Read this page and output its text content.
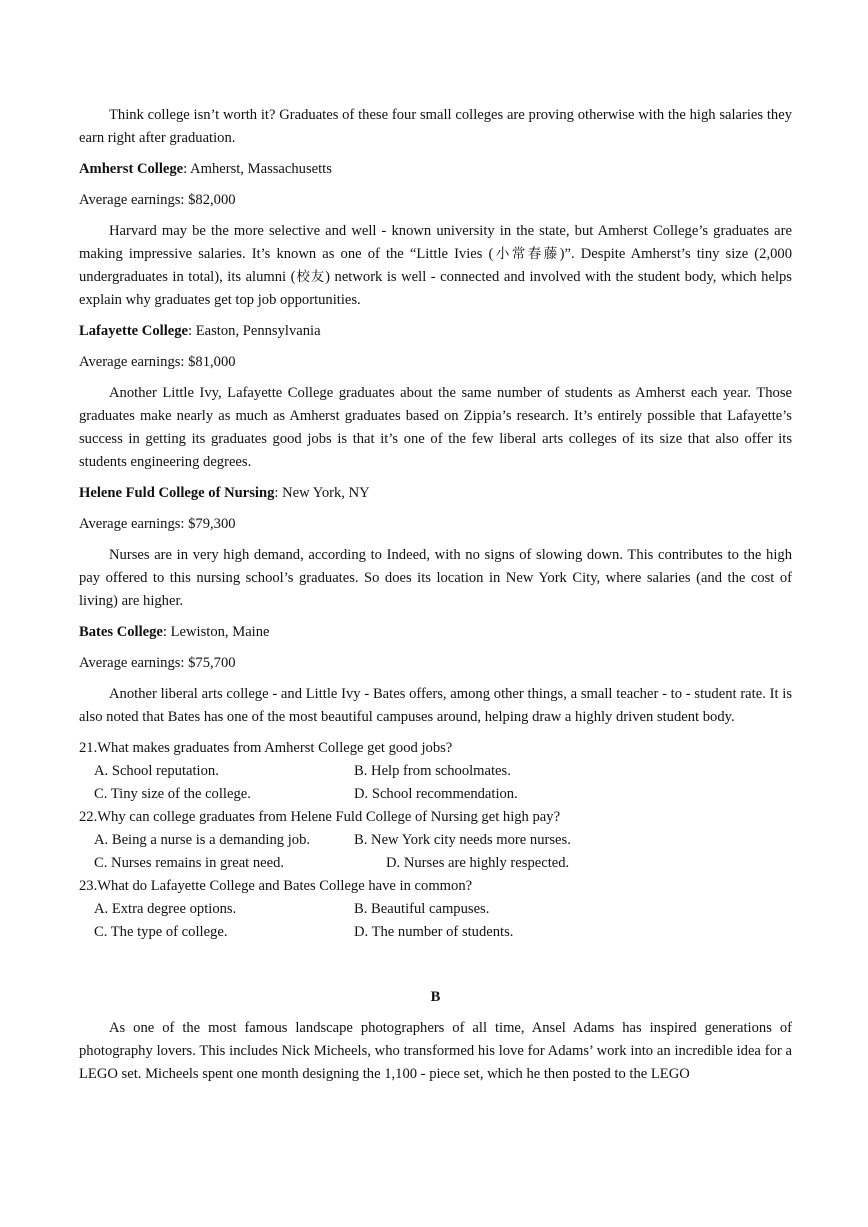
Think college isn’t worth it? Graduates of these four small colleges are proving otherwise with the high salaries they earn right after graduation.

Amherst College: Amherst, Massachusetts

Average earnings: $82,000

Harvard may be the more selective and well - known university in the state, but Amherst College’s graduates are making impressive salaries. It’s known as one of the “Little Ivies (小常春藤)”. Despite Amherst’s tiny size (2,000 undergraduates in total), its alumni (校友) network is well - connected and involved with the student body, which helps explain why graduates get top job opportunities.

Lafayette College: Easton, Pennsylvania

Average earnings: $81,000

Another Little Ivy, Lafayette College graduates about the same number of students as Amherst each year. Those graduates make nearly as much as Amherst graduates based on Zippia’s research. It’s entirely possible that Lafayette’s success in getting its graduates good jobs is that it’s one of the few liberal arts colleges of its size that also offer its students engineering degrees.

Helene Fuld College of Nursing: New York, NY

Average earnings: $79,300

Nurses are in very high demand, according to Indeed, with no signs of slowing down. This contributes to the high pay offered to this nursing school’s graduates. So does its location in New York City, where salaries (and the cost of living) are higher.

Bates College: Lewiston, Maine

Average earnings: $75,700

Another liberal arts college - and Little Ivy - Bates offers, among other things, a small teacher - to - student rate. It is also noted that Bates has one of the most beautiful campuses around, helping draw a highly driven student body.

21.What makes graduates from Amherst College get good jobs?

A. School reputation.	B. Help from schoolmates.
C. Tiny size of the college.	D. School recommendation.

22.Why can college graduates from Helene Fuld College of Nursing get high pay?

A. Being a nurse is a demanding job.	B. New York city needs more nurses.
C. Nurses remains in great need.	D. Nurses are highly respected.

23.What do Lafayette College and Bates College have in common?

A. Extra degree options.	B. Beautiful campuses.
C. The type of college.	D. The number of students.

B

As one of the most famous landscape photographers of all time, Ansel Adams has inspired generations of photography lovers. This includes Nick Micheels, who transformed his love for Adams’ work into an incredible idea for a LEGO set. Micheels spent one month designing the 1,100 - piece set, which he then posted to the LEGO
